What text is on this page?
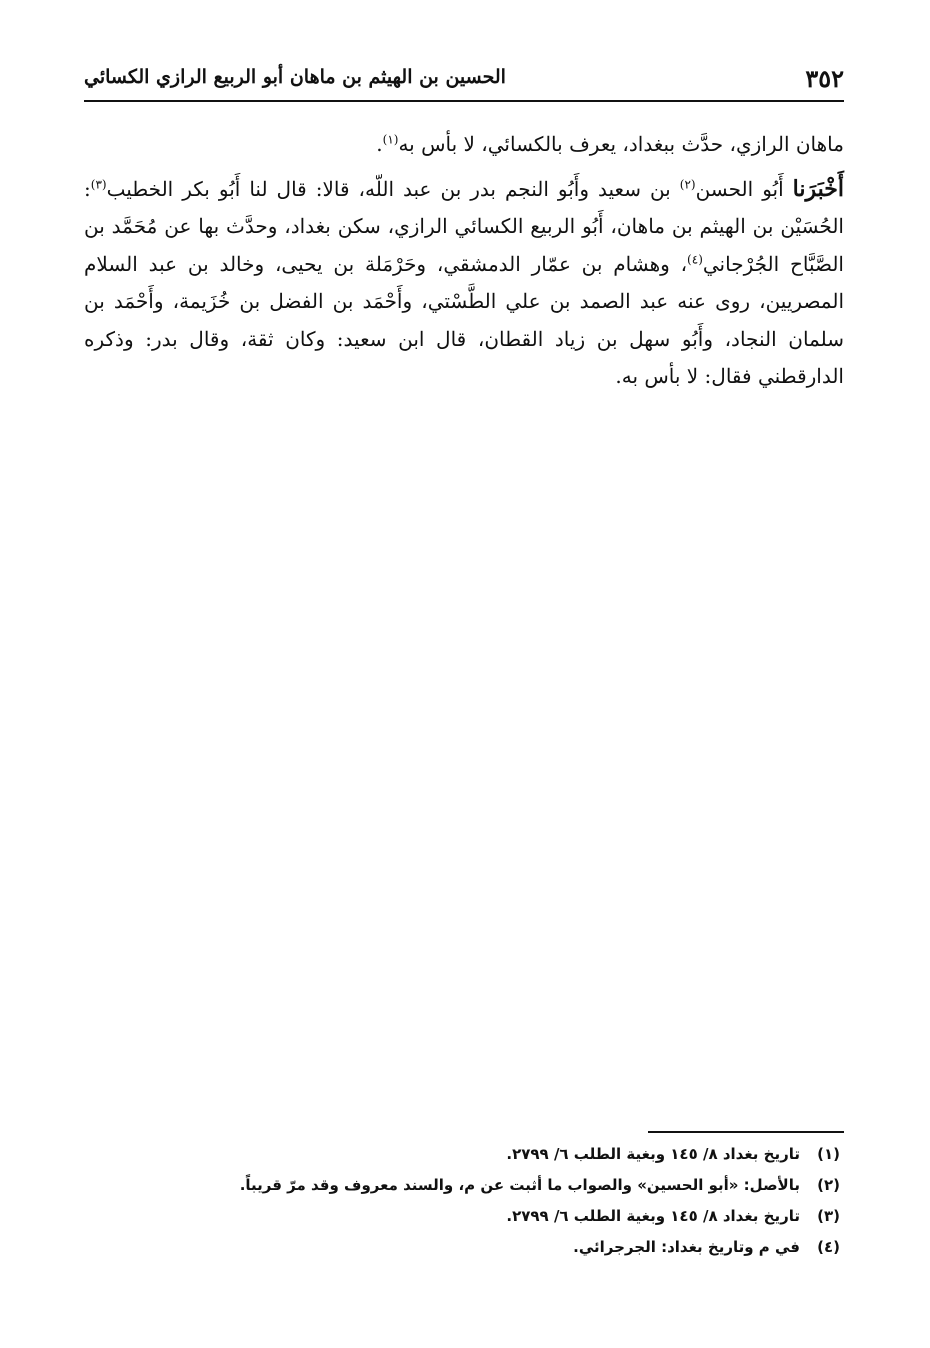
٣٥٢
الحسين بن الهيثم بن ماهان أبو الربيع الرازي الكسائي

ماهان الرازي، حدَّث ببغداد، يعرف بالكسائي، لا بأس به$^{(١)}$.

أَخْبَرَنا أَبُو الحسن$^{(٢)}$ بن سعيد وأَبُو النجم بدر بن عبد اللّه، قالا: قال لنا أَبُو بكر الخطيب$^{(٣)}$: الحُسَيْن بن الهيثم بن ماهان، أَبُو الربيع الكسائي الرازي، سكن بغداد، وحدَّث بها عن مُحَمَّد بن الصَّبَّاح الجُرْجاني$^{(٤)}$، وهشام بن عمّار الدمشقي، وحَرْمَلة بن يحيى، وخالد بن عبد السلام المصريين، روى عنه عبد الصمد بن علي الطَّسْتي، وأَحْمَد بن الفضل بن خُزَيمة، وأَحْمَد بن سلمان النجاد، وأَبُو سهل بن زياد القطان، قال ابن سعيد: وكان ثقة، وقال بدر: وذكره الدارقطني فقال: لا بأس به.

(١)تاريخ بغداد ٨/ ١٤٥ وبغية الطلب ٦/ ٢٧٩٩.
(٢)بالأصل: «أبو الحسين» والصواب ما أثبت عن م، والسند معروف وقد مرّ قريباً.
(٣)تاريخ بغداد ٨/ ١٤٥ وبغية الطلب ٦/ ٢٧٩٩.
(٤)في م وتاريخ بغداد: الجرجرائي.
